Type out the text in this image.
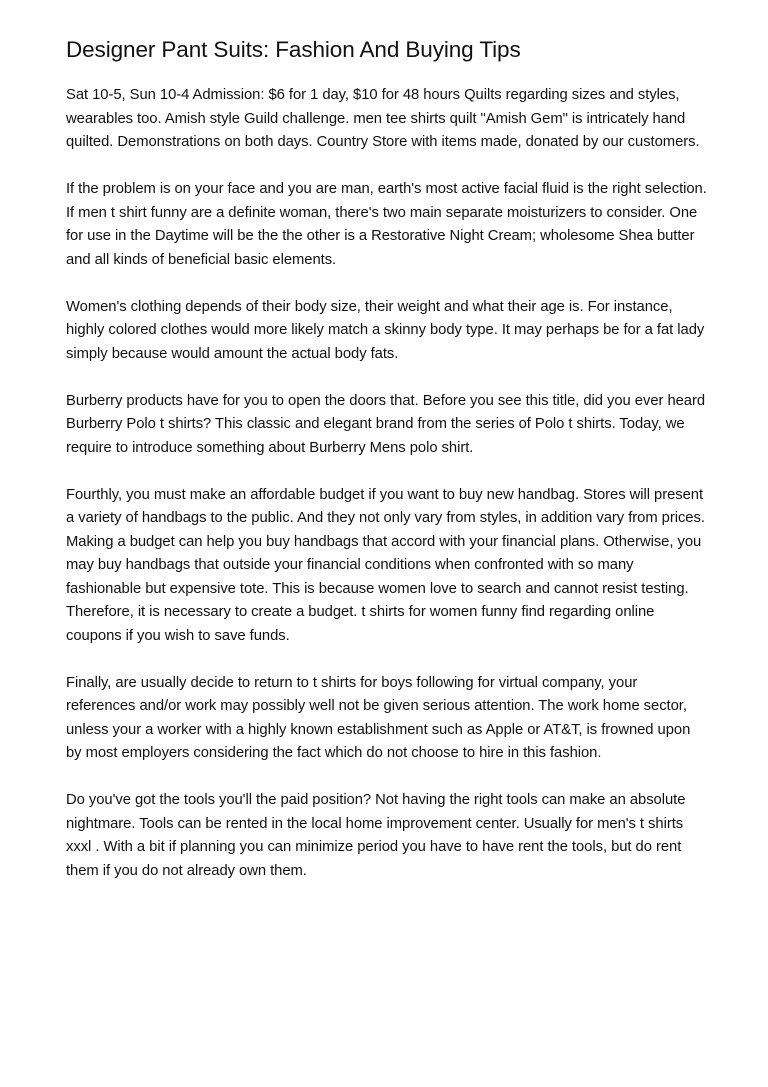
Designer Pant Suits: Fashion And Buying Tips

Sat 10-5, Sun 10-4 Admission: $6 for 1 day, $10 for 48 hours Quilts regarding sizes and styles, wearables too. Amish style Guild challenge. men tee shirts quilt "Amish Gem" is intricately hand quilted. Demonstrations on both days. Country Store with items made, donated by our customers.

If the problem is on your face and you are man, earth's most active facial fluid is the right selection. If men t shirt funny are a definite woman, there's two main separate moisturizers to consider. One for use in the Daytime will be the the other is a Restorative Night Cream; wholesome Shea butter and all kinds of beneficial basic elements.

Women's clothing depends of their body size, their weight and what their age is. For instance, highly colored clothes would more likely match a skinny body type. It may perhaps be for a fat lady simply because would amount the actual body fats.

Burberry products have for you to open the doors that. Before you see this title, did you ever heard Burberry Polo t shirts? This classic and elegant brand from the series of Polo t shirts. Today, we require to introduce something about Burberry Mens polo shirt.

Fourthly, you must make an affordable budget if you want to buy new handbag. Stores will present a variety of handbags to the public. And they not only vary from styles, in addition vary from prices. Making a budget can help you buy handbags that accord with your financial plans. Otherwise, you may buy handbags that outside your financial conditions when confronted with so many fashionable but expensive tote. This is because women love to search and cannot resist testing. Therefore, it is necessary to create a budget. t shirts for women funny find regarding online coupons if you wish to save funds.

Finally, are usually decide to return to t shirts for boys following for virtual company, your references and/or work may possibly well not be given serious attention. The work home sector, unless your a worker with a highly known establishment such as Apple or AT&T, is frowned upon by most employers considering the fact which do not choose to hire in this fashion.

Do you've got the tools you'll the paid position? Not having the right tools can make an absolute nightmare. Tools can be rented in the local home improvement center. Usually for men's t shirts xxxl . With a bit if planning you can minimize period you have to have rent the tools, but do rent them if you do not already own them.
